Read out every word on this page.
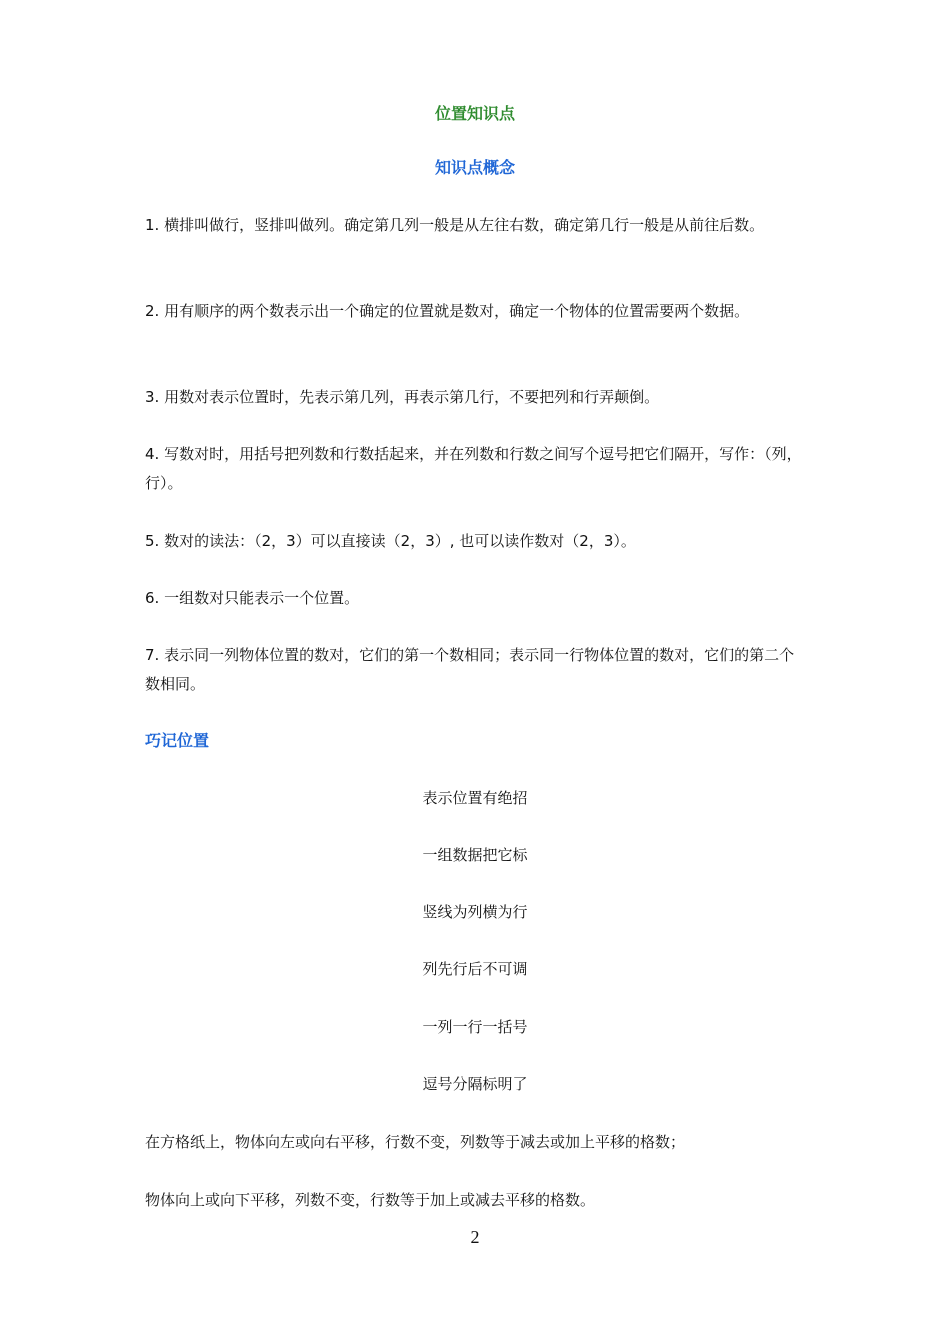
位置知识点
知识点概念

1. 横排叫做行，竖排叫做列。确定第几列一般是从左往右数，确定第几行一般是从前往后数。

2. 用有顺序的两个数表示出一个确定的位置就是数对，确定一个物体的位置需要两个数据。

3. 用数对表示位置时，先表示第几列，再表示第几行，不要把列和行弄颠倒。

4. 写数对时，用括号把列数和行数括起来，并在列数和行数之间写个逗号把它们隔开，写作：（列，行）。

5. 数对的读法：（2，3）可以直接读（2，3）, 也可以读作数对（2，3）。

6. 一组数对只能表示一个位置。

7. 表示同一列物体位置的数对，它们的第一个数相同；表示同一行物体位置的数对，它们的第二个数相同。

巧记位置
表示位置有绝招
一组数据把它标
竖线为列横为行
列先行后不可调
一列一行一括号
逗号分隔标明了

在方格纸上，物体向左或向右平移，行数不变，列数等于减去或加上平移的格数；

物体向上或向下平移，列数不变，行数等于加上或减去平移的格数。

2
